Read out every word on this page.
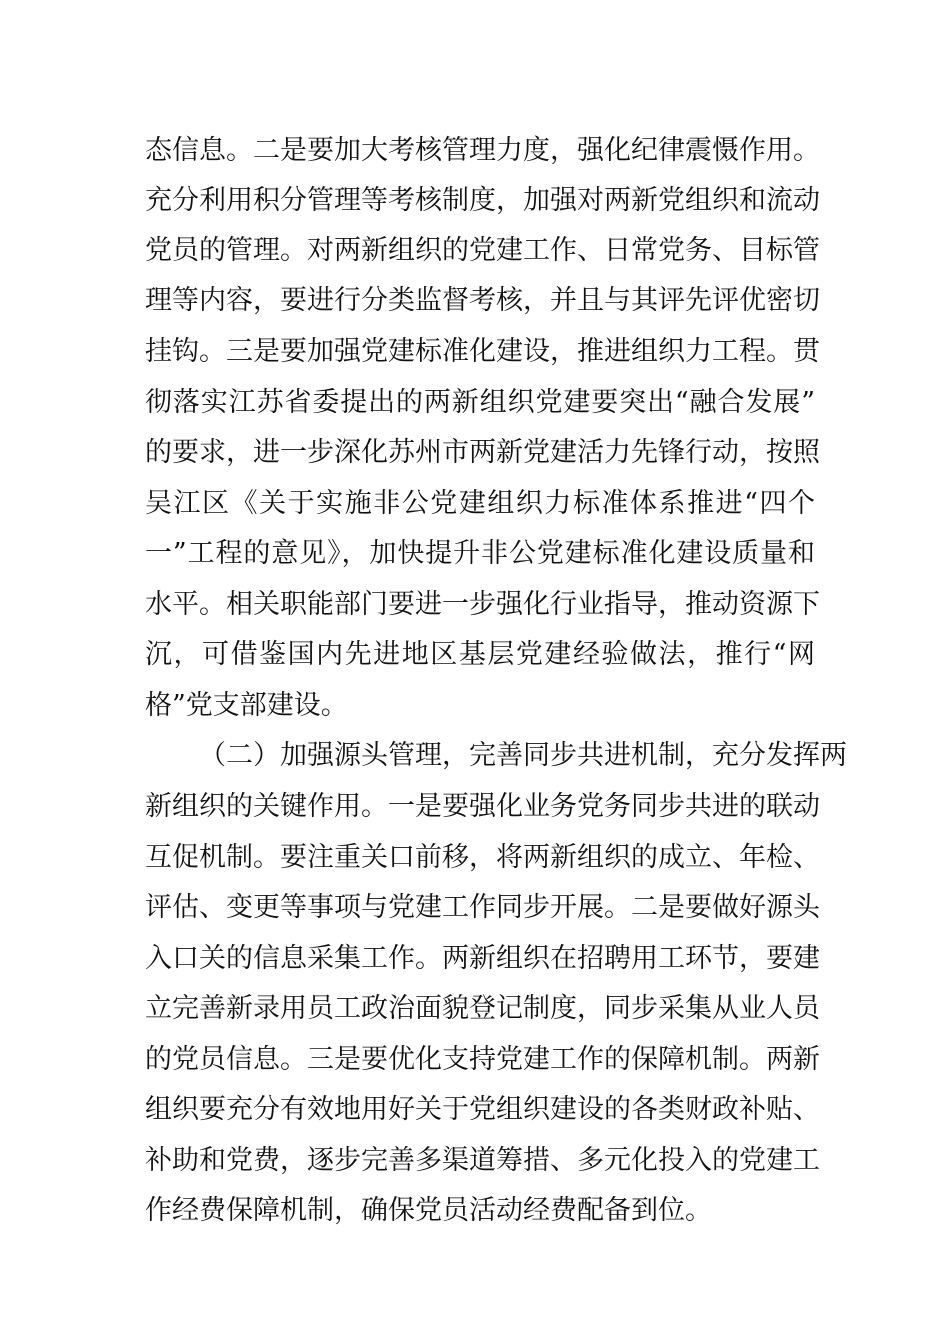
态信息。二是要加大考核管理力度，强化纪律震慑作用。
充分利用积分管理等考核制度，加强对两新党组织和流动
党员的管理。对两新组织的党建工作、日常党务、目标管
理等内容，要进行分类监督考核，并且与其评先评优密切
挂钩。三是要加强党建标准化建设，推进组织力工程。贯
彻落实江苏省委提出的两新组织党建要突出“融合发展”
的要求，进一步深化苏州市两新党建活力先锋行动，按照
吴江区《关于实施非公党建组织力标准体系推进“四个
一”工程的意见》，加快提升非公党建标准化建设质量和
水平。相关职能部门要进一步强化行业指导，推动资源下
沉，可借鉴国内先进地区基层党建经验做法，推行“网
格”党支部建设。
（二）加强源头管理，完善同步共进机制，充分发挥两
新组织的关键作用。一是要强化业务党务同步共进的联动
互促机制。要注重关口前移，将两新组织的成立、年检、
评估、变更等事项与党建工作同步开展。二是要做好源头
入口关的信息采集工作。两新组织在招聘用工环节，要建
立完善新录用员工政治面貌登记制度，同步采集从业人员
的党员信息。三是要优化支持党建工作的保障机制。两新
组织要充分有效地用好关于党组织建设的各类财政补贴、
补助和党费，逐步完善多渠道筹措、多元化投入的党建工
作经费保障机制，确保党员活动经费配备到位。
